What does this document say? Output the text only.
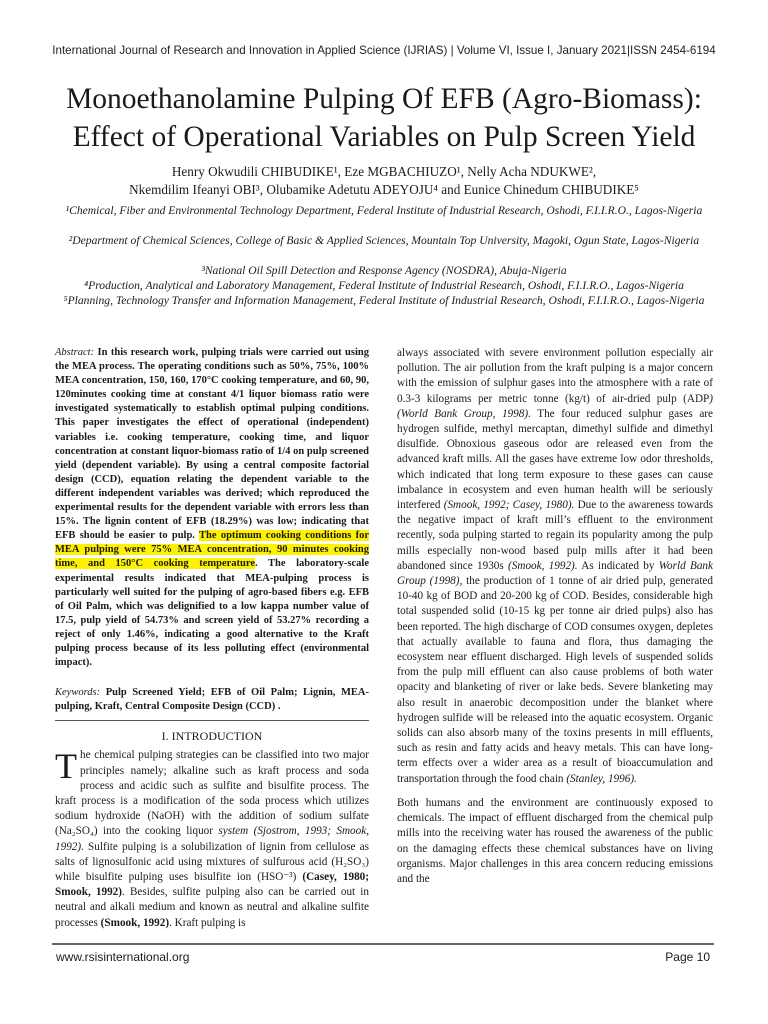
International Journal of Research and Innovation in Applied Science (IJRIAS) | Volume VI, Issue I, January 2021|ISSN 2454-6194
Monoethanolamine Pulping Of EFB (Agro-Biomass):
Effect of Operational Variables on Pulp Screen Yield
Henry Okwudili CHIBUDIKE¹, Eze MGBACHIUZO¹, Nelly Acha NDUKWE²,
Nkemdilim Ifeanyi OBI³, Olubamike Adetutu ADEYOJU⁴ and Eunice Chinedum CHIBUDIKE⁵
¹Chemical, Fiber and Environmental Technology Department, Federal Institute of Industrial Research, Oshodi, F.I.I.R.O., Lagos-Nigeria
²Department of Chemical Sciences, College of Basic & Applied Sciences, Mountain Top University, Magoki, Ogun State, Lagos-Nigeria
³National Oil Spill Detection and Response Agency (NOSDRA), Abuja-Nigeria
⁴Production, Analytical and Laboratory Management, Federal Institute of Industrial Research, Oshodi, F.I.I.R.O., Lagos-Nigeria
⁵Planning, Technology Transfer and Information Management, Federal Institute of Industrial Research, Oshodi, F.I.I.R.O., Lagos-Nigeria
Abstract: In this research work, pulping trials were carried out using the MEA process. The operating conditions such as 50%, 75%, 100% MEA concentration, 150, 160, 170°C cooking temperature, and 60, 90, 120minutes cooking time at constant 4/1 liquor biomass ratio were investigated systematically to establish optimal pulping conditions. This paper investigates the effect of operational (independent) variables i.e. cooking temperature, cooking time, and liquor concentration at constant liquor-biomass ratio of 1/4 on pulp screened yield (dependent variable). By using a central composite factorial design (CCD), equation relating the dependent variable to the different independent variables was derived; which reproduced the experimental results for the dependent variable with errors less than 15%. The lignin content of EFB (18.29%) was low; indicating that EFB should be easier to pulp. The optimum cooking conditions for MEA pulping were 75% MEA concentration, 90 minutes cooking time, and 150°C cooking temperature. The laboratory-scale experimental results indicated that MEA-pulping process is particularly well suited for the pulping of agro-based fibers e.g. EFB of Oil Palm, which was delignified to a low kappa number value of 17.5, pulp yield of 54.73% and screen yield of 53.27% recording a reject of only 1.46%, indicating a good alternative to the Kraft pulping process because of its less polluting effect (environmental impact).
Keywords: Pulp Screened Yield; EFB of Oil Palm; Lignin, MEA-pulping, Kraft, Central Composite Design (CCD) .
I. INTRODUCTION

The chemical pulping strategies can be classified into two major principles namely; alkaline such as kraft process and soda process and acidic such as sulfite and bisulfite process. The kraft process is a modification of the soda process which utilizes sodium hydroxide (NaOH) with the addition of sodium sulfate (Na₂SO₄) into the cooking liquor system (Sjostrom, 1993; Smook, 1992). Sulfite pulping is a solubilization of lignin from cellulose as salts of lignosulfonic acid using mixtures of sulfurous acid (H₂SO₃) while bisulfite pulping uses bisulfite ion (HSO⁻³) (Casey, 1980; Smook, 1992). Besides, sulfite pulping also can be carried out in neutral and alkali medium and known as neutral and alkaline sulfite processes (Smook, 1992). Kraft pulping is

always associated with severe environment pollution especially air pollution. The air pollution from the kraft pulping is a major concern with the emission of sulphur gases into the atmosphere with a rate of 0.3-3 kilograms per metric tonne (kg/t) of air-dried pulp (ADP) (World Bank Group, 1998). The four reduced sulphur gases are hydrogen sulfide, methyl mercaptan, dimethyl sulfide and dimethyl disulfide. Obnoxious gaseous odor are released even from the advanced kraft mills. All the gases have extreme low odor thresholds, which indicated that long term exposure to these gases can cause imbalance in ecosystem and even human health will be seriously interfered (Smook, 1992; Casey, 1980). Due to the awareness towards the negative impact of kraft mill’s effluent to the environment recently, soda pulping started to regain its popularity among the pulp mills especially non-wood based pulp mills after it had been abandoned since 1930s (Smook, 1992). As indicated by World Bank Group (1998), the production of 1 tonne of air dried pulp, generated 10-40 kg of BOD and 20-200 kg of COD. Besides, considerable high total suspended solid (10-15 kg per tonne air dried pulps) also has been reported. The high discharge of COD consumes oxygen, depletes that actually available to fauna and flora, thus damaging the ecosystem near effluent discharged. High levels of suspended solids from the pulp mill effluent can also cause problems of both water opacity and blanketing of river or lake beds. Severe blanketing may also result in anaerobic decomposition under the blanket where hydrogen sulfide will be released into the aquatic ecosystem. Organic solids can also absorb many of the toxins presents in mill effluents, such as resin and fatty acids and heavy metals. This can have long-term effects over a wider area as a result of bioaccumulation and transportation through the food chain (Stanley, 1996).

Both humans and the environment are continuously exposed to chemicals. The impact of effluent discharged from the chemical pulp mills into the receiving water has roused the awareness of the public on the damaging effects these chemical substances have on living organisms. Major challenges in this area concern reducing emissions and the

www.rsisinternational.org	Page 10
